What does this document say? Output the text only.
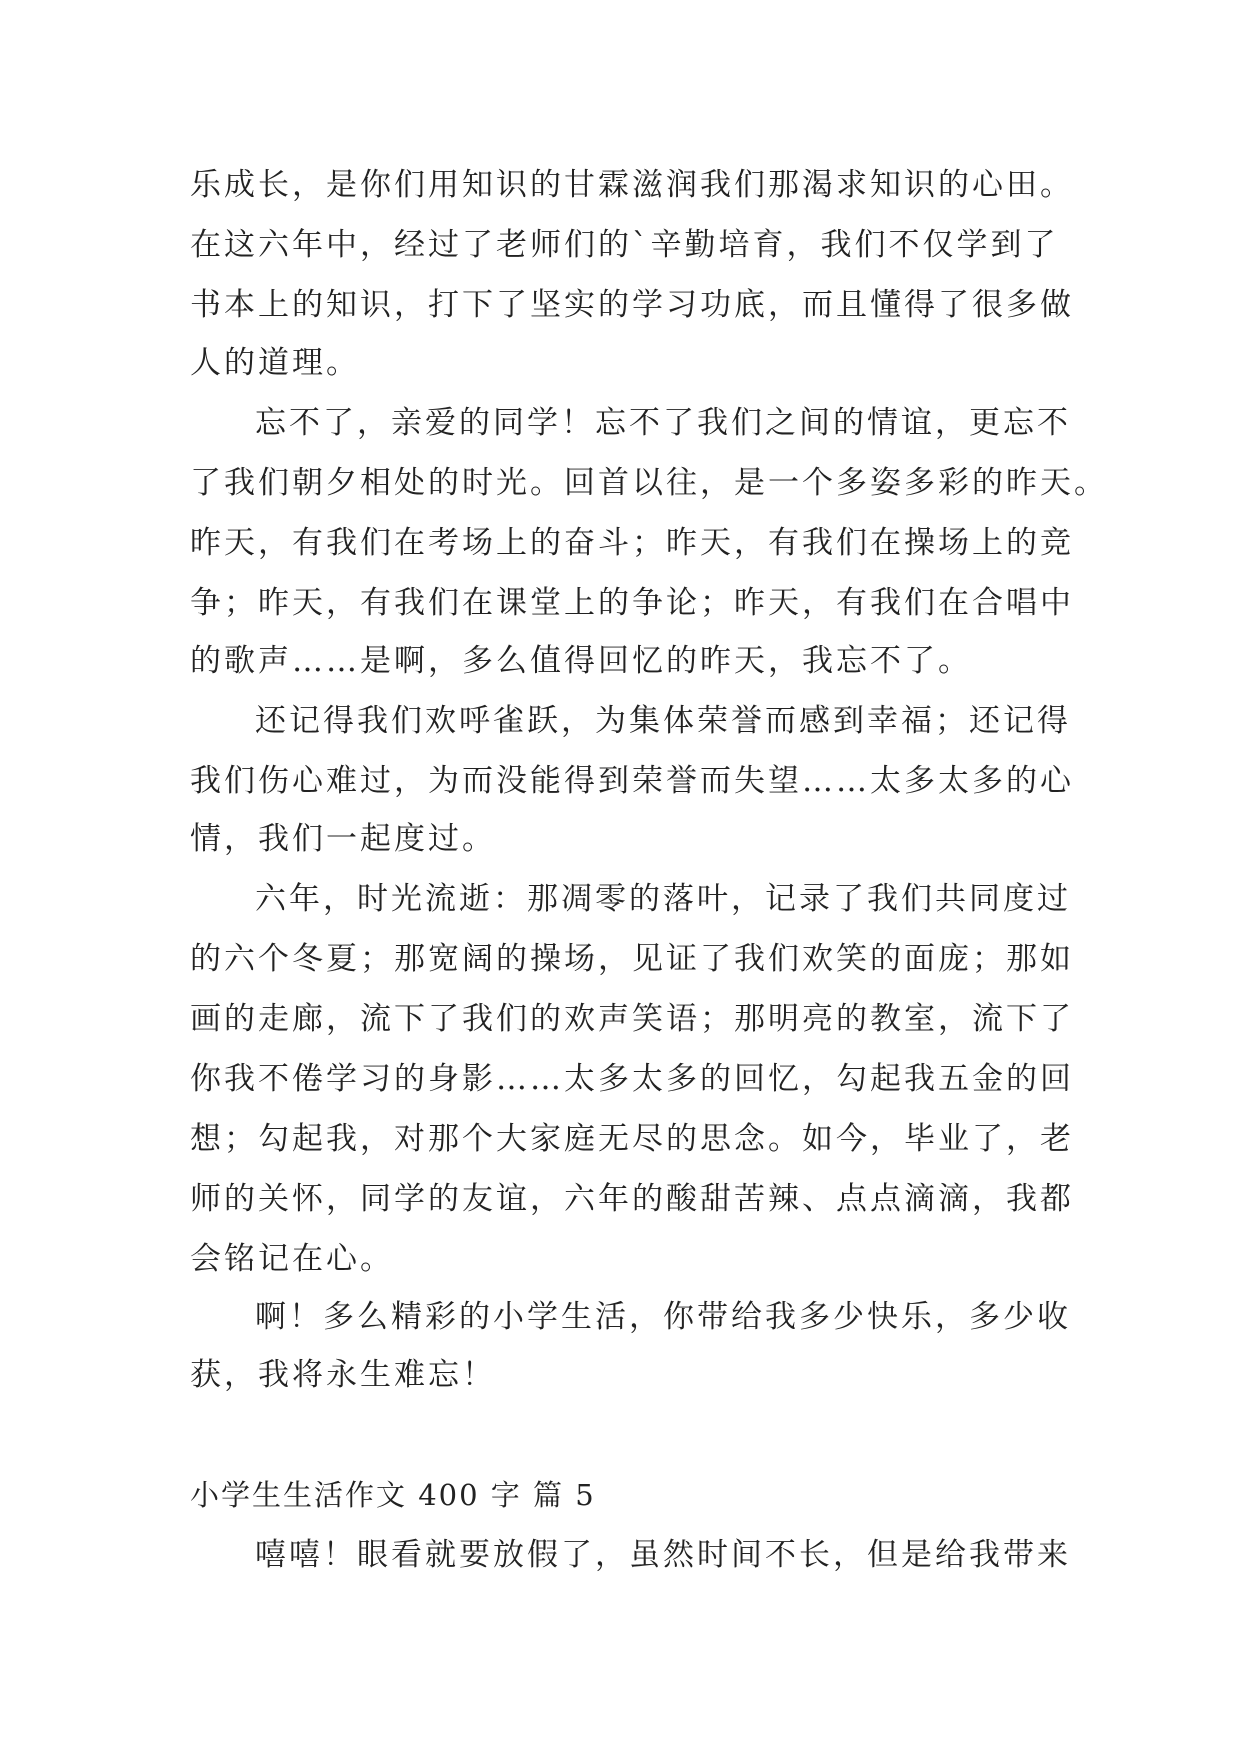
乐成长，是你们用知识的甘霖滋润我们那渴求知识的心田。
在这六年中，经过了老师们的`辛勤培育，我们不仅学到了
书本上的知识，打下了坚实的学习功底，而且懂得了很多做
人的道理。
忘不了，亲爱的同学！忘不了我们之间的情谊，更忘不
了我们朝夕相处的时光。回首以往，是一个多姿多彩的昨天。
昨天，有我们在考场上的奋斗；昨天，有我们在操场上的竞
争；昨天，有我们在课堂上的争论；昨天，有我们在合唱中
的歌声……是啊，多么值得回忆的昨天，我忘不了。
还记得我们欢呼雀跃，为集体荣誉而感到幸福；还记得
我们伤心难过，为而没能得到荣誉而失望……太多太多的心
情，我们一起度过。
六年，时光流逝：那凋零的落叶，记录了我们共同度过
的六个冬夏；那宽阔的操场，见证了我们欢笑的面庞；那如
画的走廊，流下了我们的欢声笑语；那明亮的教室，流下了
你我不倦学习的身影……太多太多的回忆，勾起我五金的回
想；勾起我，对那个大家庭无尽的思念。如今，毕业了，老
师的关怀，同学的友谊，六年的酸甜苦辣、点点滴滴，我都
会铭记在心。
啊！多么精彩的小学生活，你带给我多少快乐，多少收
获，我将永生难忘！
小学生生活作文 400 字 篇 5
嘻嘻！眼看就要放假了，虽然时间不长，但是给我带来
